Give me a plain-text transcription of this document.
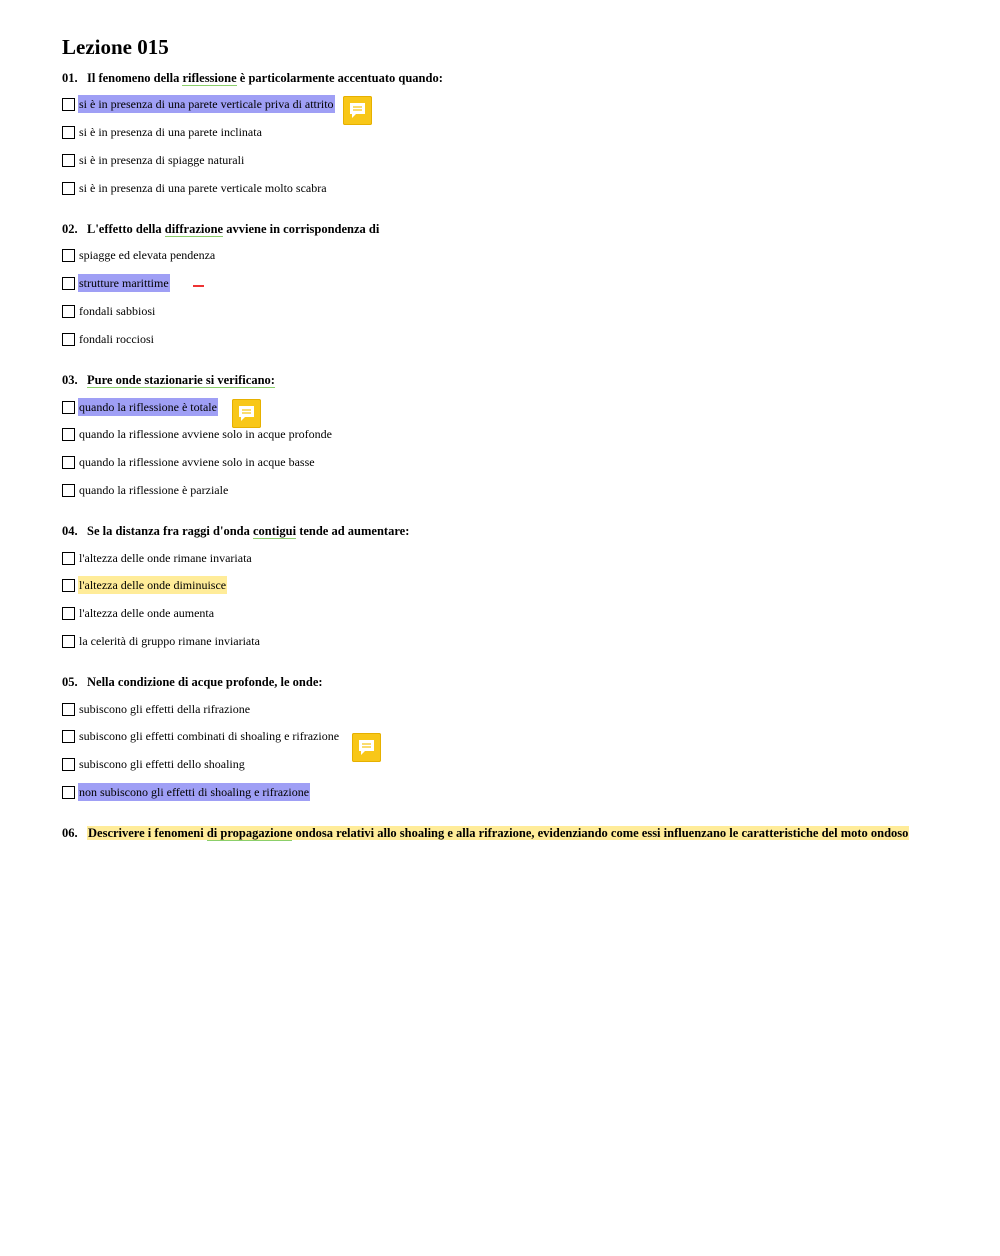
Lezione 015
01. Il fenomeno della riflessione è particolarmente accentuato quando:
si è in presenza di una parete verticale priva di attrito
si è in presenza di una parete inclinata
si è in presenza di spiagge naturali
si è in presenza di una parete verticale molto scabra
02. L'effetto della diffrazione avviene in corrispondenza di
spiagge ed elevata pendenza
strutture marittime
fondali sabbiosi
fondali rocciosi
03. Pure onde stazionarie si verificano:
quando la riflessione è totale
quando la riflessione avviene solo in acque profonde
quando la riflessione avviene solo in acque basse
quando la riflessione è parziale
04. Se la distanza fra raggi d'onda contigui tende ad aumentare:
l'altezza delle onde rimane invariata
l'altezza delle onde diminuisce
l'altezza delle onde aumenta
la celerità di gruppo rimane inviariata
05. Nella condizione di acque profonde, le onde:
subiscono gli effetti della rifrazione
subiscono gli effetti combinati di shoaling e rifrazione
subiscono gli effetti dello shoaling
non subiscono gli effetti di shoaling e rifrazione
06. Descrivere i fenomeni di propagazione ondosa relativi allo shoaling e alla rifrazione, evidenziando come essi influenzano le caratteristiche del moto ondoso
